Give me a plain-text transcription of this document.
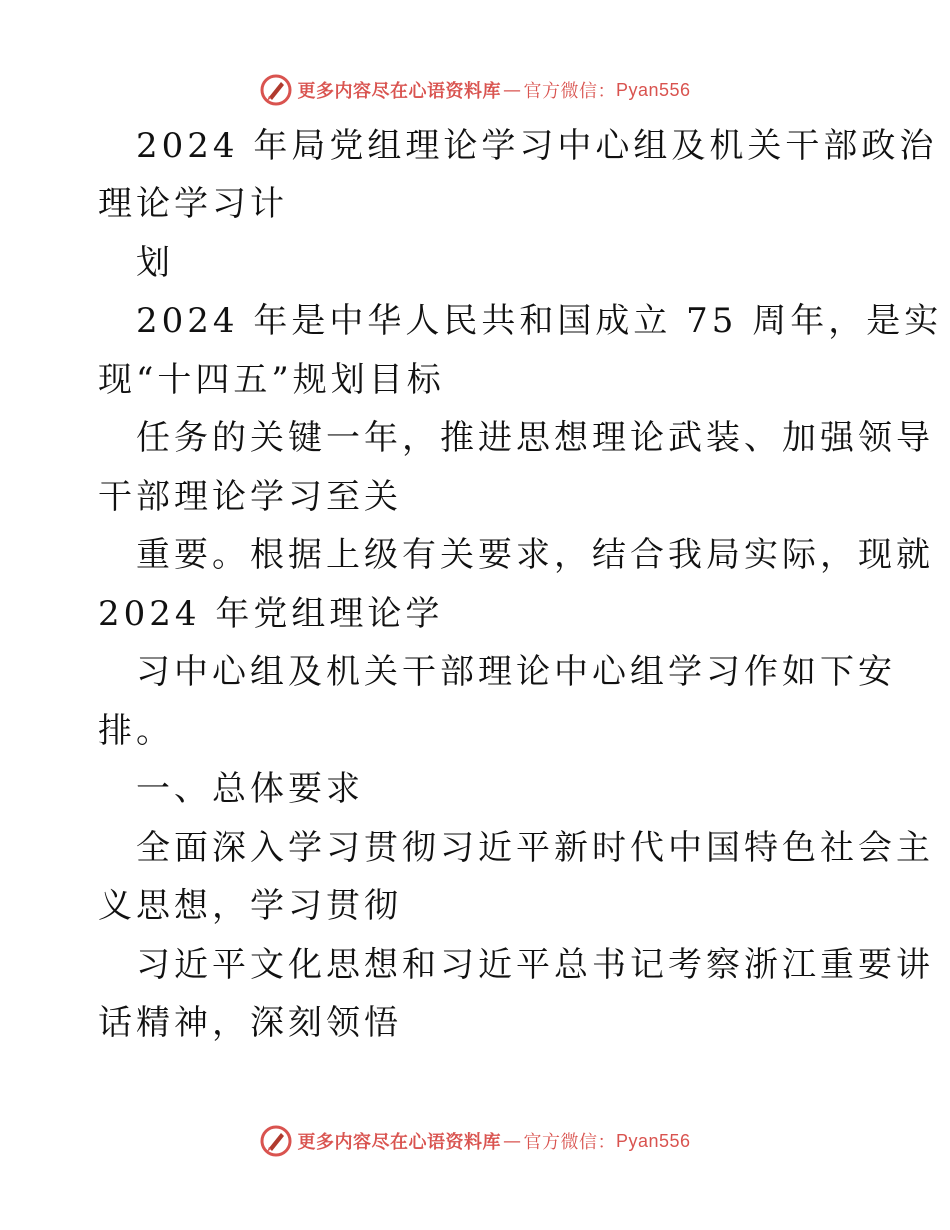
更多内容尽在心语资料库 — 官方微信： Pyan556
2024 年局党组理论学习中心组及机关干部政治
理论学习计
划
2024 年是中华人民共和国成立 75 周年，是实
现“十四五”规划目标
任务的关键一年，推进思想理论武装、加强领导
干部理论学习至关
重要。根据上级有关要求，结合我局实际，现就
2024 年党组理论学
习中心组及机关干部理论中心组学习作如下安
排。
一、总体要求
全面深入学习贯彻习近平新时代中国特色社会主
义思想，学习贯彻
习近平文化思想和习近平总书记考察浙江重要讲
话精神，深刻领悟
更多内容尽在心语资料库 — 官方微信： Pyan556
